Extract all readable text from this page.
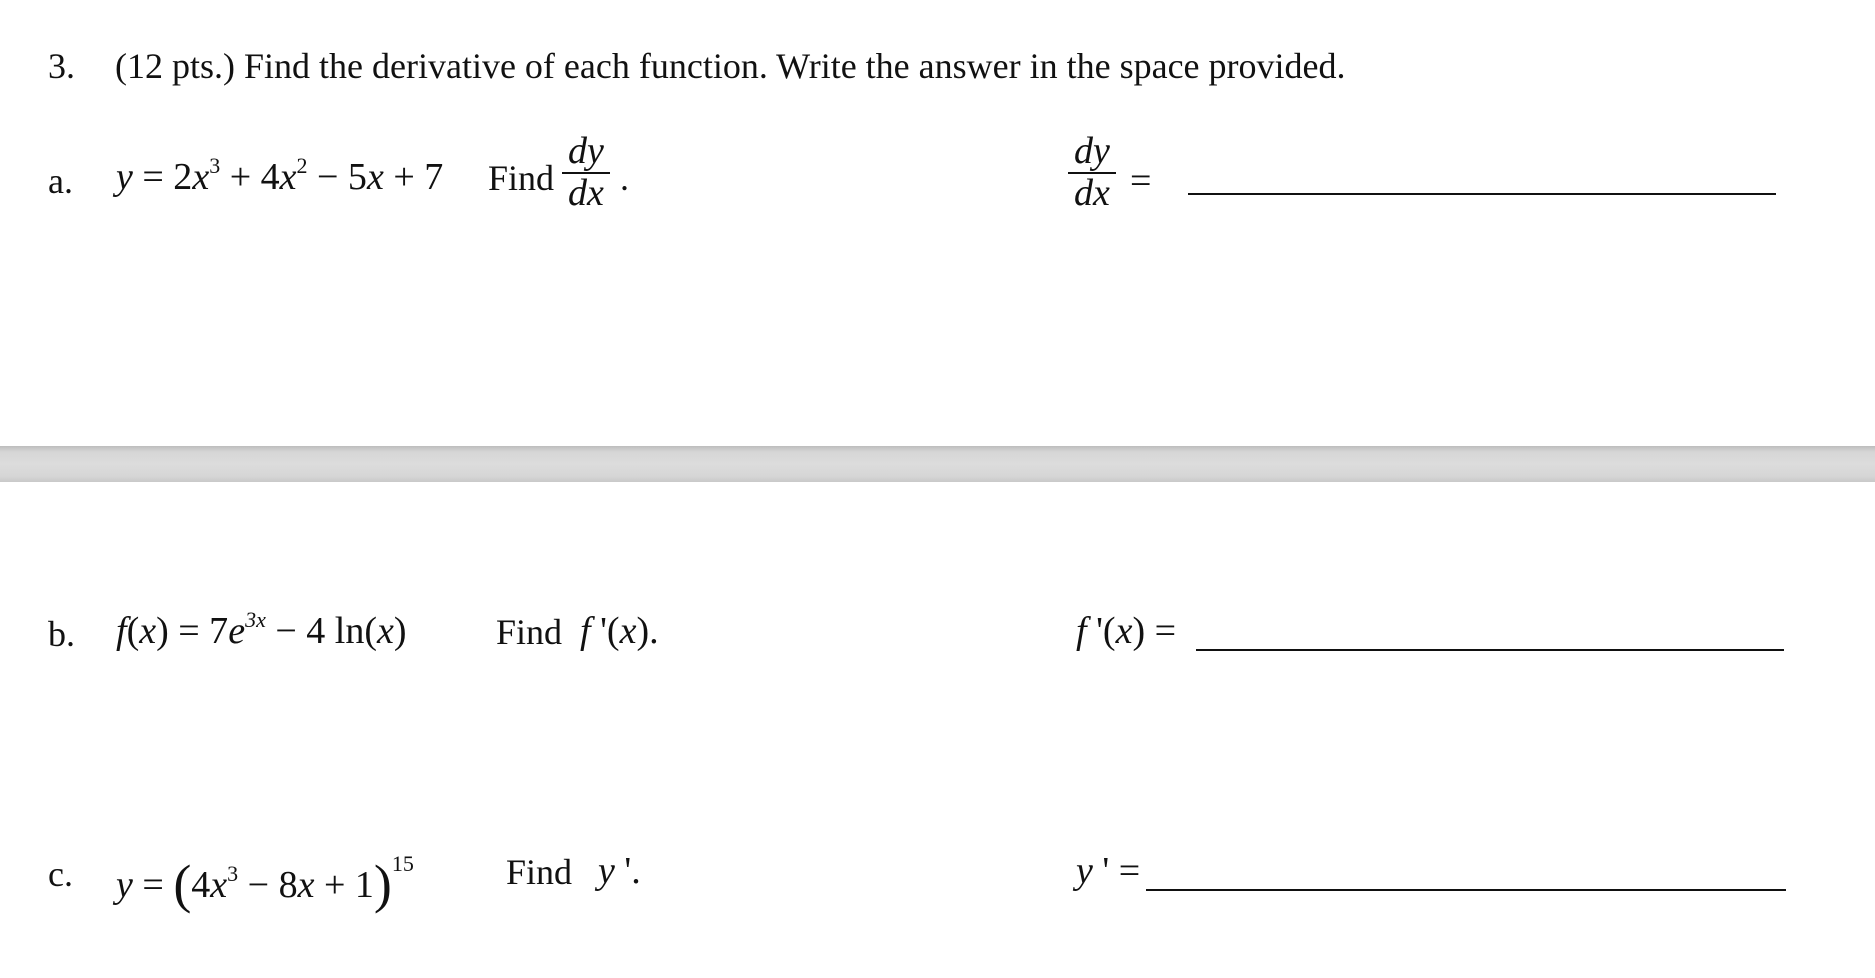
3. (12 pts.) Find the derivative of each function. Write the answer in the space provided.
a. $y = 2x^3 + 4x^2 - 5x + 7$ Find $\frac{dy}{dx}$ .	$\frac{dy}{dx}$ =
b. $f(x) = 7e^{3x} - 4$ ln(x) Find f '(x).	f '(x) =
c. $y = (4x^3 - 8x + 1)^{15}$	Find y '.	y ' =
